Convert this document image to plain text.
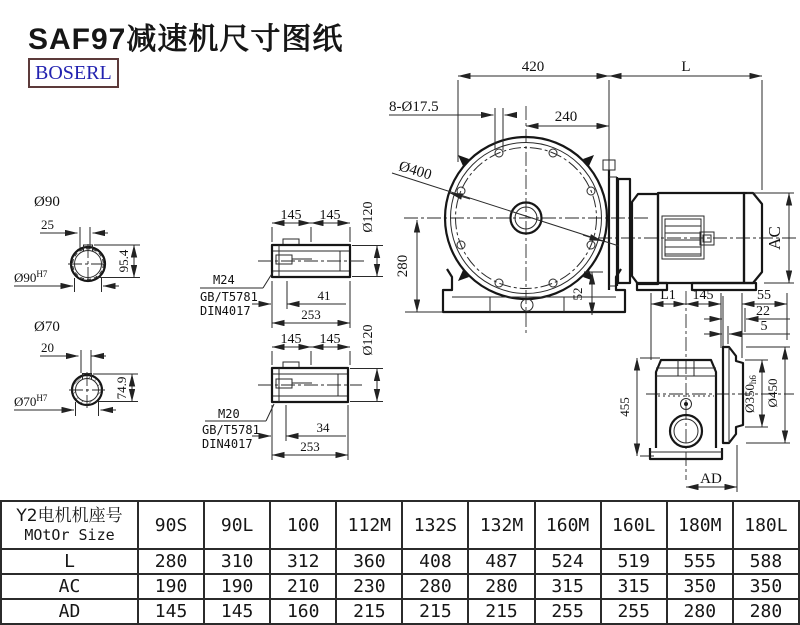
SAF97减速机尺寸图纸
BOSERL
Ø90
25
95.4
$Ø90^{H7}$
Ø70
20
74.9
$Ø70^{H7}$
145 145 Ø120
M24
GB/T5781
DIN4017
41
253
145 145 Ø120
M20
GB/T5781
DIN4017
34
253
52
AC
420	L
240
8-Ø17.5
Ø400
280
L1 145	55
22
5
455
AD
Ø350h6 Ø450
Y2电机机座号
MOtOr Size	90S	90L	100	112M	132S	132M	160M	160L	180M	180L
L	280	310	312	360	408	487	524	519	555	588
AC	190	190	210	230	280	280	315	315	350	350
AD	145	145	160	215	215	215	255	255	280	280
